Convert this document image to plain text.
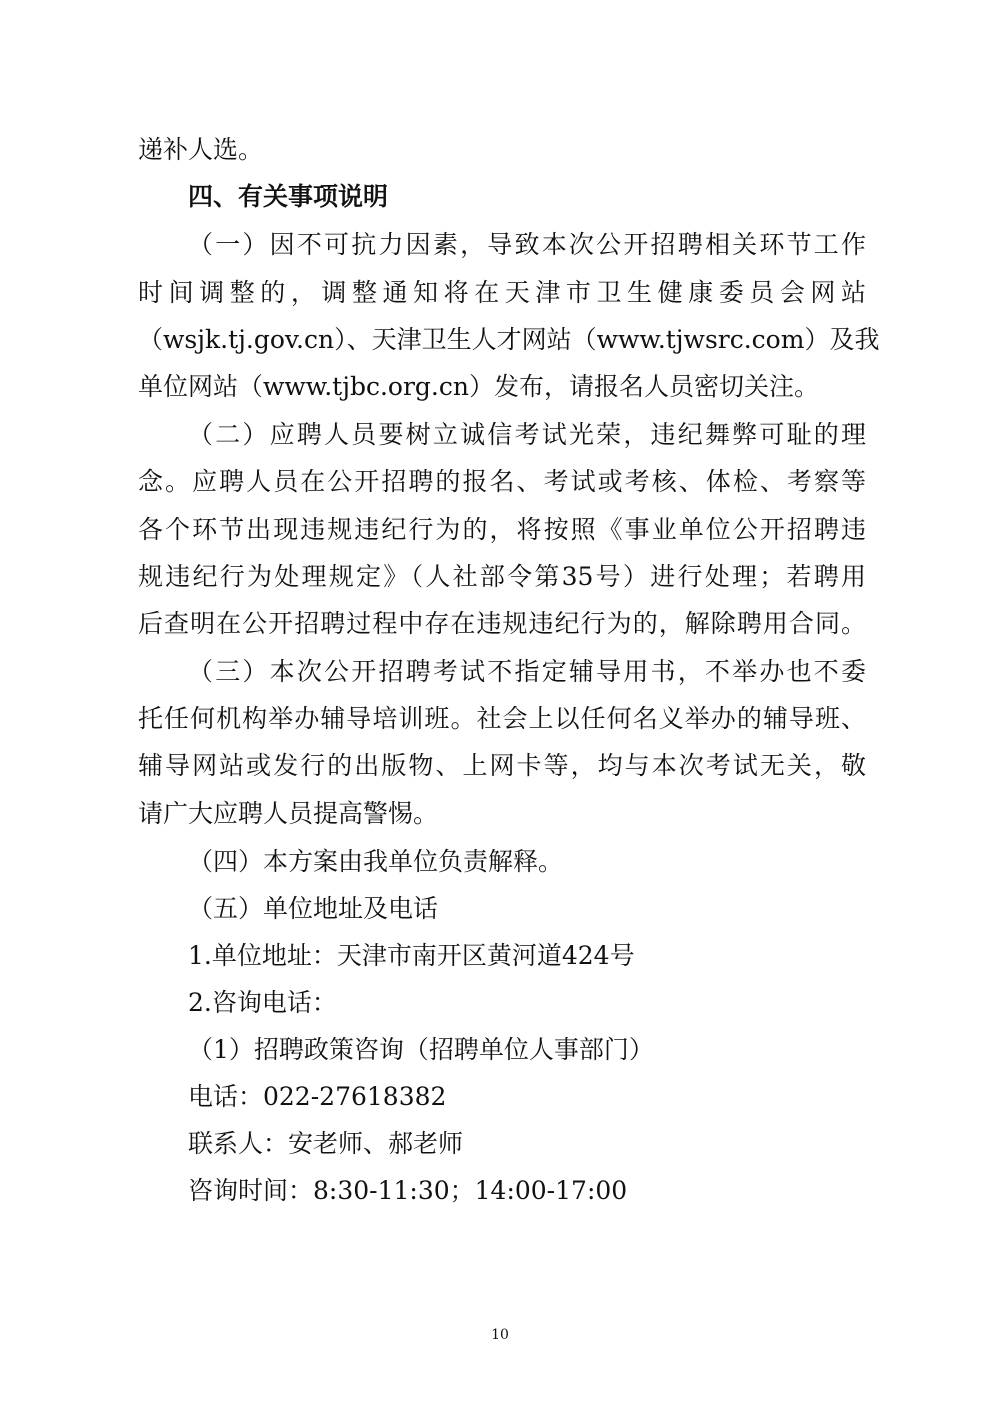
递补人选。
四、有关事项说明
（一）因不可抗力因素，导致本次公开招聘相关环节工作
时间调整的，调整通知将在天津市卫生健康委员会网站
（wsjk.tj.gov.cn）、天津卫生人才网站（www.tjwsrc.com）及我
单位网站（www.tjbc.org.cn）发布，请报名人员密切关注。
（二）应聘人员要树立诚信考试光荣，违纪舞弊可耻的理
念。应聘人员在公开招聘的报名、考试或考核、体检、考察等
各个环节出现违规违纪行为的，将按照《事业单位公开招聘违
规违纪行为处理规定》（人社部令第35号）进行处理；若聘用
后查明在公开招聘过程中存在违规违纪行为的，解除聘用合同。
（三）本次公开招聘考试不指定辅导用书，不举办也不委
托任何机构举办辅导培训班。社会上以任何名义举办的辅导班、
辅导网站或发行的出版物、上网卡等，均与本次考试无关，敬
请广大应聘人员提高警惕。
（四）本方案由我单位负责解释。
（五）单位地址及电话
1.单位地址：天津市南开区黄河道424号
2.咨询电话：
（1）招聘政策咨询（招聘单位人事部门）
电话：022-27618382
联系人：安老师、郝老师
咨询时间：8:30-11:30；14:00-17:00
10
